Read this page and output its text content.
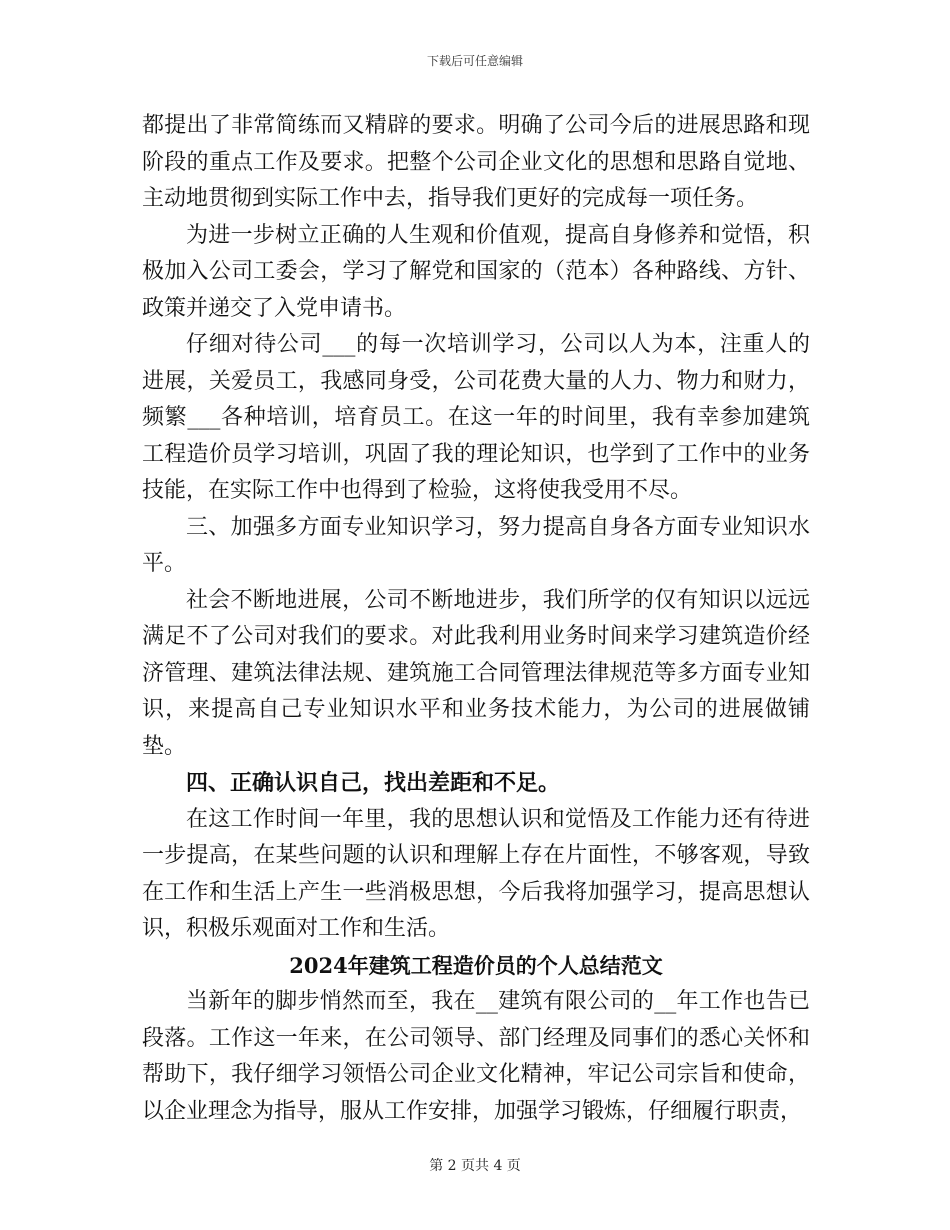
下载后可任意编辑

都提出了非常简练而又精辟的要求。明确了公司今后的进展思路和现阶段的重点工作及要求。把整个公司企业文化的思想和思路自觉地、主动地贯彻到实际工作中去，指导我们更好的完成每一项任务。

为进一步树立正确的人生观和价值观，提高自身修养和觉悟，积极加入公司工委会，学习了解党和国家的（范本）各种路线、方针、政策并递交了入党申请书。

仔细对待公司___的每一次培训学习，公司以人为本，注重人的进展，关爱员工，我感同身受，公司花费大量的人力、物力和财力，频繁___各种培训，培育员工。在这一年的时间里，我有幸参加建筑工程造价员学习培训，巩固了我的理论知识，也学到了工作中的业务技能，在实际工作中也得到了检验，这将使我受用不尽。

三、加强多方面专业知识学习，努力提高自身各方面专业知识水平。

社会不断地进展，公司不断地进步，我们所学的仅有知识以远远满足不了公司对我们的要求。对此我利用业务时间来学习建筑造价经济管理、建筑法律法规、建筑施工合同管理法律规范等多方面专业知识，来提高自己专业知识水平和业务技术能力，为公司的进展做铺垫。

四、正确认识自己，找出差距和不足。

在这工作时间一年里，我的思想认识和觉悟及工作能力还有待进一步提高，在某些问题的认识和理解上存在片面性，不够客观，导致在工作和生活上产生一些消极思想，今后我将加强学习，提高思想认识，积极乐观面对工作和生活。

2024年建筑工程造价员的个人总结范文

当新年的脚步悄然而至，我在__建筑有限公司的__年工作也告已段落。工作这一年来，在公司领导、部门经理及同事们的悉心关怀和帮助下，我仔细学习领悟公司企业文化精神，牢记公司宗旨和使命，以企业理念为指导，服从工作安排，加强学习锻炼，仔细履行职责，

第 2 页共 4 页
